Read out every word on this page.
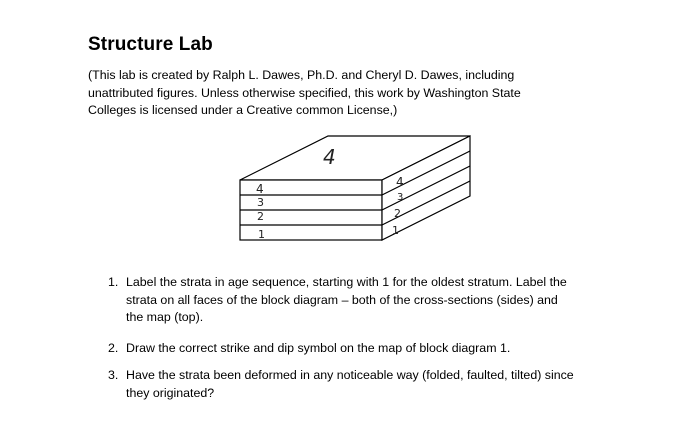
Structure Lab

(This lab is created by Ralph L. Dawes, Ph.D. and Cheryl D. Dawes, including
unattributed figures. Unless otherwise specified, this work by Washington State
Colleges is licensed under a Creative common License,)

4
4
3
2
1
4
3
2
1
1. Label the strata in age sequence, starting with 1 for the oldest stratum. Label the
strata on all faces of the block diagram – both of the cross-sections (sides) and
the map (top).
2. Draw the correct strike and dip symbol on the map of block diagram 1.
3. Have the strata been deformed in any noticeable way (folded, faulted, tilted) since
they originated?
